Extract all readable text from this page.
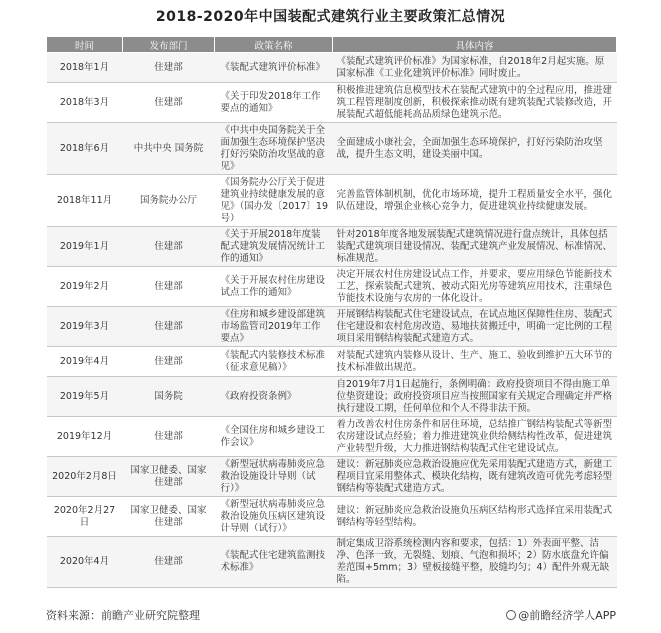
2018-2020年中国装配式建筑行业主要政策汇总情况
时间	发布部门	政策名称	具体内容
2018年1月	住建部	《装配式建筑评价标准》	《装配式建筑评价标准》为国家标准，自2018年2月起实施。原国家标准《工业化建筑评价标准》同时废止。
2018年3月	住建部	《关于印发2018年工作要点的通知》	积极推进建筑信息模型技术在装配式建筑中的全过程应用，推进建筑工程管理制度创新，积极探索推动既有建筑装配式装修改造，开展装配式超低能耗高品质绿色建筑示范。
2018年6月	中共中央 国务院	《中共中央国务院关于全面加强生态环境保护坚决打好污染防治攻坚战的意见》	全面建成小康社会，全面加强生态环境保护，打好污染防治攻坚战，提升生态文明，建设美丽中国。
2018年11月	国务院办公厅	《国务院办公厅关于促进建筑业持续健康发展的意见》（国办发〔2017〕19号）	完善监管体制机制，优化市场环境，提升工程质量安全水平，强化队伍建设，增强企业核心竞争力，促进建筑业持续健康发展。
2019年1月	住建部	《关于开展2018年度装配式建筑发展情况统计工作的通知》	针对2018年度各地发展装配式建筑情况进行盘点统计，具体包括装配式建筑项目建设情况、装配式建筑产业发展情况、标准情况、标准规范。
2019年2月	住建部	《关于开展农村住房建设试点工作的通知》	决定开展农村住房建设试点工作，并要求，要应用绿色节能新技术工艺，探索装配式建筑、被动式阳光房等建筑应用技术，注重绿色节能技术设施与农房的一体化设计。
2019年3月	住建部	《住房和城乡建设部建筑市场监管司2019年工作要点》	开展钢结构装配式住宅建设试点，在试点地区保障性住房、装配式住宅建设和农村危房改造、易地扶贫搬迁中，明确一定比例的工程项目采用钢结构装配式建造方式。
2019年4月	住建部	《装配式内装修技术标准（征求意见稿）》	对装配式建筑内装修从设计、生产、施工、验收到维护五大环节的技术标准做出规范。
2019年5月	国务院	《政府投资条例》	自2019年7月1日起施行，条例明确：政府投资项目不得由施工单位垫资建设；政府投资项目应当按照国家有关规定合理确定并严格执行建设工期，任何单位和个人不得非法干预。
2019年12月	住建部	《全国住房和城乡建设工作会议》	着力改善农村住房条件和居住环境，总结推广钢结构装配式等新型农房建设试点经验；着力推进建筑业供给侧结构性改革，促进建筑产业转型升级，大力推进钢结构装配式住宅建设试点。
2020年2月8日	国家卫健委、国家住建部	《新型冠状病毒肺炎应急救治设施设计导则（试行）》	建议：新冠肺炎应急救治设施应优先采用装配式建造方式，新建工程项目宜采用整体式、模块化结构，既有建筑改造可优先考虑轻型钢结构等装配式建造方式。
2020年2月27日	国家卫健委、国家住建部	《新型冠状病毒肺炎应急救治设施负压病区建筑设计导则（试行）》	建议：新冠肺炎应急救治设施负压病区结构形式选择宜采用装配式钢结构等轻型结构。
2020年4月	住建部	《装配式住宅建筑监测技术标准》	制定集成卫浴系统检测内容和要求，包括：1）外表面平整、洁净、色泽一致，无裂缝、划痕、气泡和损坏；2）防水底盘允许偏差范围+5mm；3）壁板接缝平整，胶缝均匀；4）配件外观无缺陷。
资料来源：前瞻产业研究院整理	@前瞻经济学人APP
